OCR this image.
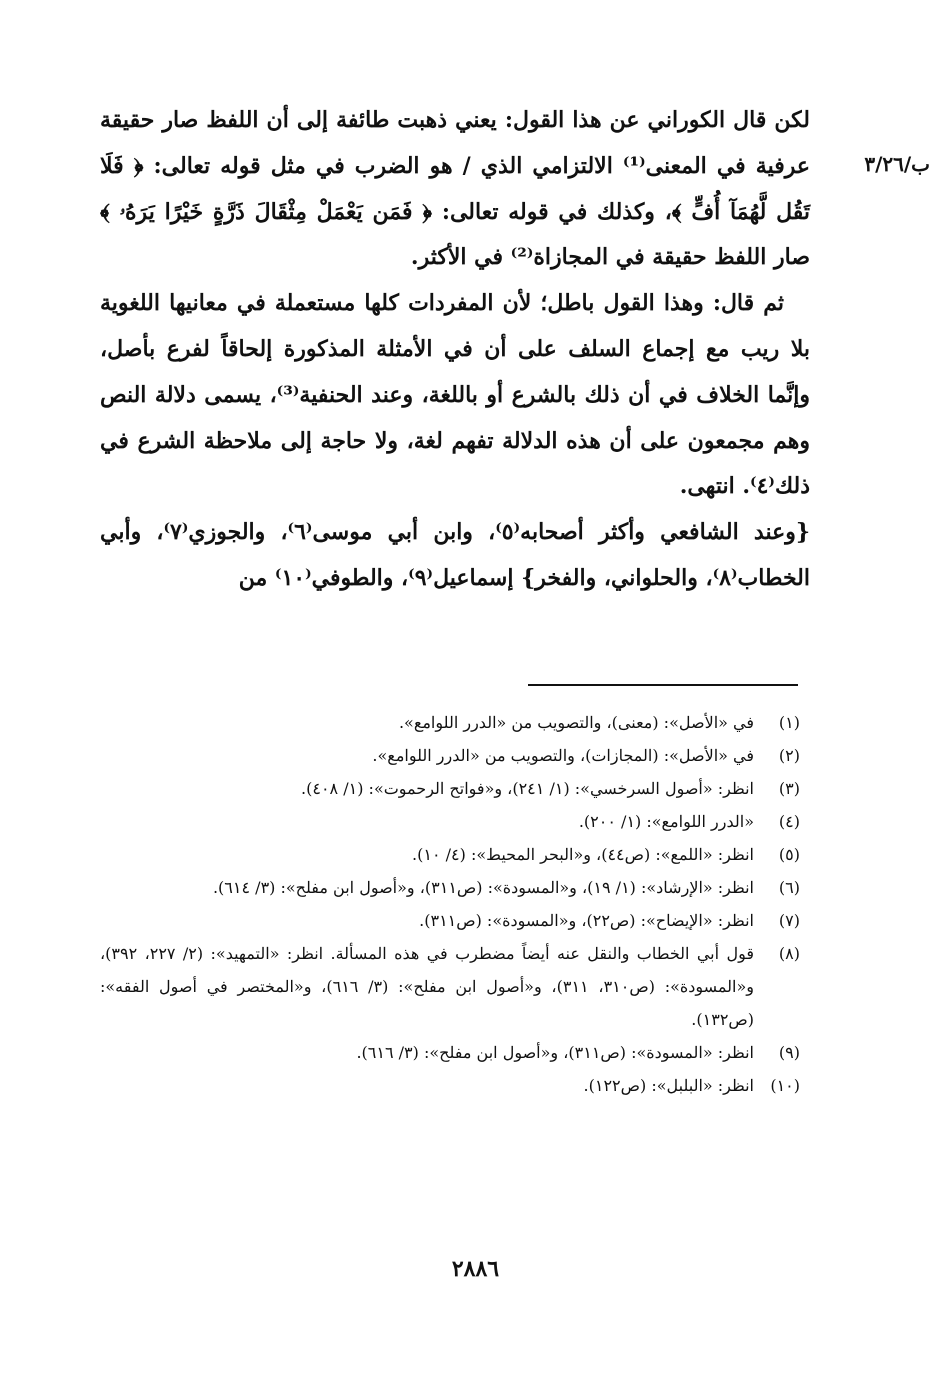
ب/٣/٢٦

لكن قال الكوراني عن هذا القول: يعني ذهبت طائفة إلى أن اللفظ صار حقيقة عرفية في المعنى⁽¹⁾ الالتزامي الذي / هو الضرب في مثل قوله تعالى: ﴿ فَلَا تَقُل لَّهُمَآ أُفٍّ ﴾، وكذلك في قوله تعالى: ﴿ فَمَن يَعْمَلْ مِثْقَالَ ذَرَّةٍ خَيْرًا يَرَهُۥ ﴾ صار اللفظ حقيقة في المجازاة⁽²⁾ في الأكثر.

ثم قال: وهذا القول باطل؛ لأن المفردات كلها مستعملة في معانيها اللغوية بلا ريب مع إجماع السلف على أن في الأمثلة المذكورة إلحاقاً لفرع بأصل، وإنَّما الخلاف في أن ذلك بالشرع أو باللغة، وعند الحنفية⁽³⁾، يسمى دلالة النص وهم مجمعون على أن هذه الدلالة تفهم لغة، ولا حاجة إلى ملاحظة الشرع في ذلك⁽٤⁾. انتهى.

{وعند الشافعي وأكثر أصحابه⁽٥⁾، وابن أبي موسى⁽٦⁾، والجوزي⁽٧⁾، وأبي الخطاب⁽٨⁾، والحلواني، والفخر} إسماعيل⁽٩⁾، والطوفي⁽١٠⁾ من

(١)
في «الأصل»: (معنى)، والتصويب من «الدرر اللوامع».
(٢)
في «الأصل»: (المجازات)، والتصويب من «الدرر اللوامع».
(٣)
انظر: «أصول السرخسي»: (١/ ٢٤١)، و«فواتح الرحموت»: (١/ ٤٠٨).
(٤)
«الدرر اللوامع»: (١/ ٢٠٠).
(٥)
انظر: «اللمع»: (ص٤٤)، و«البحر المحيط»: (٤/ ١٠).
(٦)
انظر: «الإرشاد»: (١/ ١٩)، و«المسودة»: (ص٣١١)، و«أصول ابن مفلح»: (٣/ ٦١٤).
(٧)
انظر: «الإيضاح»: (ص٢٢)، و«المسودة»: (ص٣١١).
(٨)
قول أبي الخطاب والنقل عنه أيضاً مضطرب في هذه المسألة. انظر: «التمهيد»: (٢/ ٢٢٧، ٣٩٢)، و«المسودة»: (ص٣١٠، ٣١١)، و«أصول ابن مفلح»: (٣/ ٦١٦)، و«المختصر في أصول الفقه»: (ص١٣٢).
(٩)
انظر: «المسودة»: (ص٣١١)، و«أصول ابن مفلح»: (٣/ ٦١٦).
(١٠)
انظر: «البلبل»: (ص١٢٢).
٢٨٨٦
